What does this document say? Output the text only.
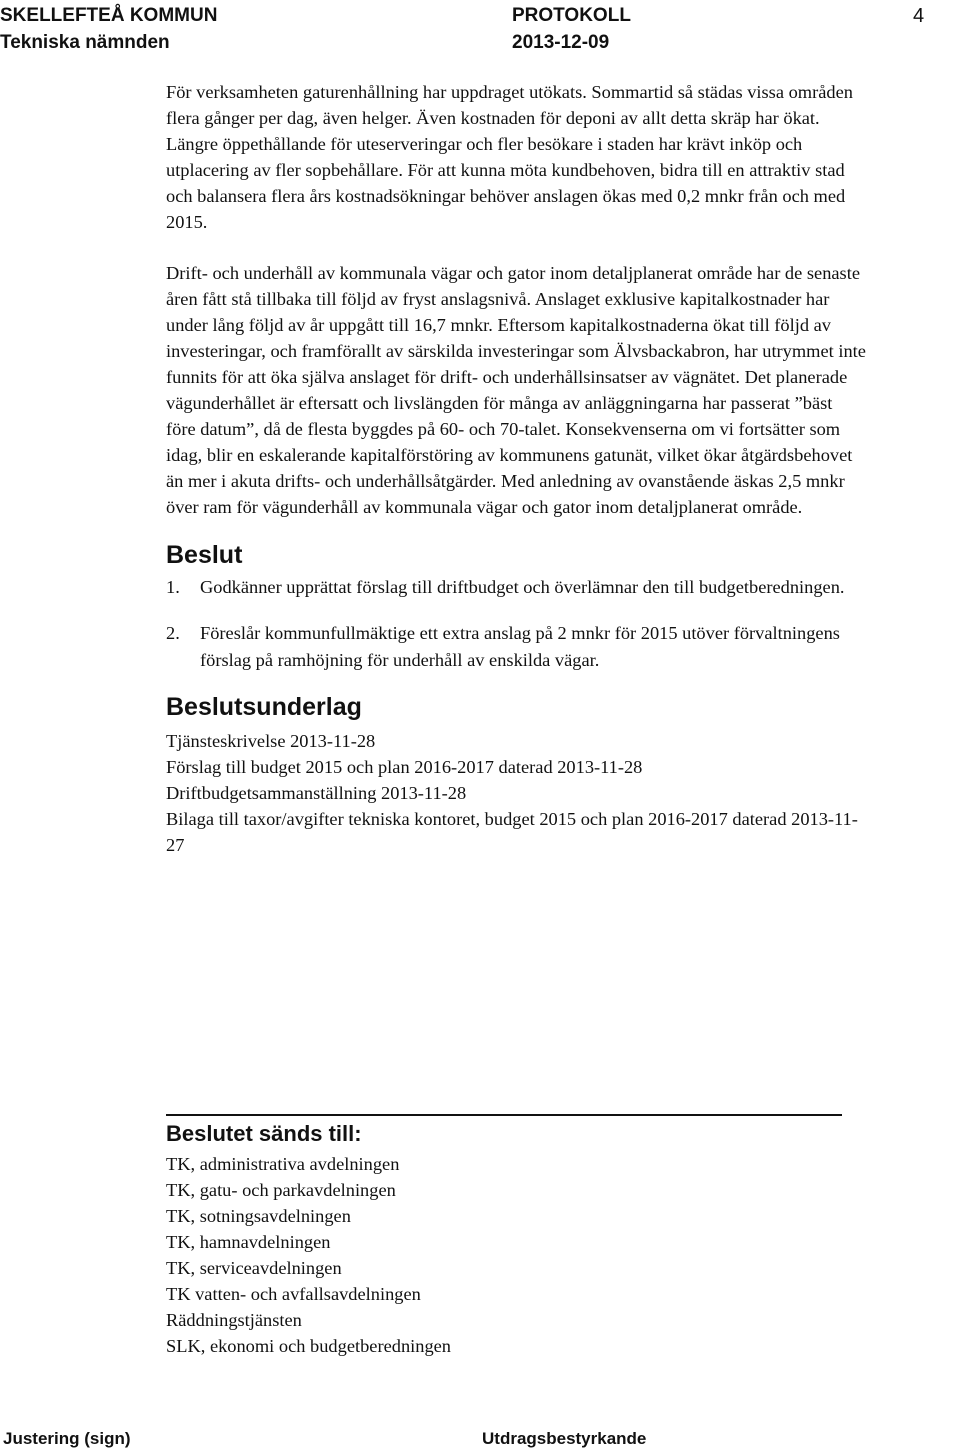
SKELLEFTEÅ KOMMUN
Tekniska nämnden
PROTOKOLL
2013-12-09
4

För verksamheten gaturenhållning har uppdraget utökats. Sommartid så städas vissa områden flera gånger per dag, även helger. Även kostnaden för deponi av allt detta skräp har ökat. Längre öppethållande för uteserveringar och fler besökare i staden har krävt inköp och utplacering av fler sopbehållare. För att kunna möta kundbehoven, bidra till en attraktiv stad och balansera flera års kostnadsökningar behöver anslagen ökas med 0,2 mnkr från och med 2015.

Drift- och underhåll av kommunala vägar och gator inom detaljplanerat område har de senaste åren fått stå tillbaka till följd av fryst anslagsnivå. Anslaget exklusive kapitalkostnader har under lång följd av år uppgått till 16,7 mnkr. Eftersom kapitalkostnaderna ökat till följd av investeringar, och framförallt av särskilda investeringar som Älvsbackabron, har utrymmet inte funnits för att öka själva anslaget för drift- och underhållsinsatser av vägnätet. Det planerade vägunderhållet är eftersatt och livslängden för många av anläggningarna har passerat ”bäst före datum”, då de flesta byggdes på 60- och 70-talet. Konsekvenserna om vi fortsätter som idag, blir en eskalerande kapitalförstöring av kommunens gatunät, vilket ökar åtgärdsbehovet än mer i akuta drifts- och underhållsåtgärder. Med anledning av ovanstående äskas 2,5 mnkr över ram för vägunderhåll av kommunala vägar och gator inom detaljplanerat område.

Beslut
1. Godkänner upprättat förslag till driftbudget och överlämnar den till budgetberedningen.
2. Föreslår kommunfullmäktige ett extra anslag på 2 mnkr för 2015 utöver förvaltningens förslag på ramhöjning för underhåll av enskilda vägar.
Beslutsunderlag
Tjänsteskrivelse 2013-11-28
Förslag till budget 2015 och plan 2016-2017 daterad 2013-11-28
Driftbudgetsammanställning 2013-11-28
Bilaga till taxor/avgifter tekniska kontoret, budget 2015 och plan 2016-2017 daterad 2013-11-27
Beslutet sänds till:
TK, administrativa avdelningen
TK, gatu- och parkavdelningen
TK, sotningsavdelningen
TK, hamnavdelningen
TK, serviceavdelningen
TK vatten- och avfallsavdelningen
Räddningstjänsten
SLK, ekonomi och budgetberedningen
Justering (sign)	Utdragsbestyrkande
